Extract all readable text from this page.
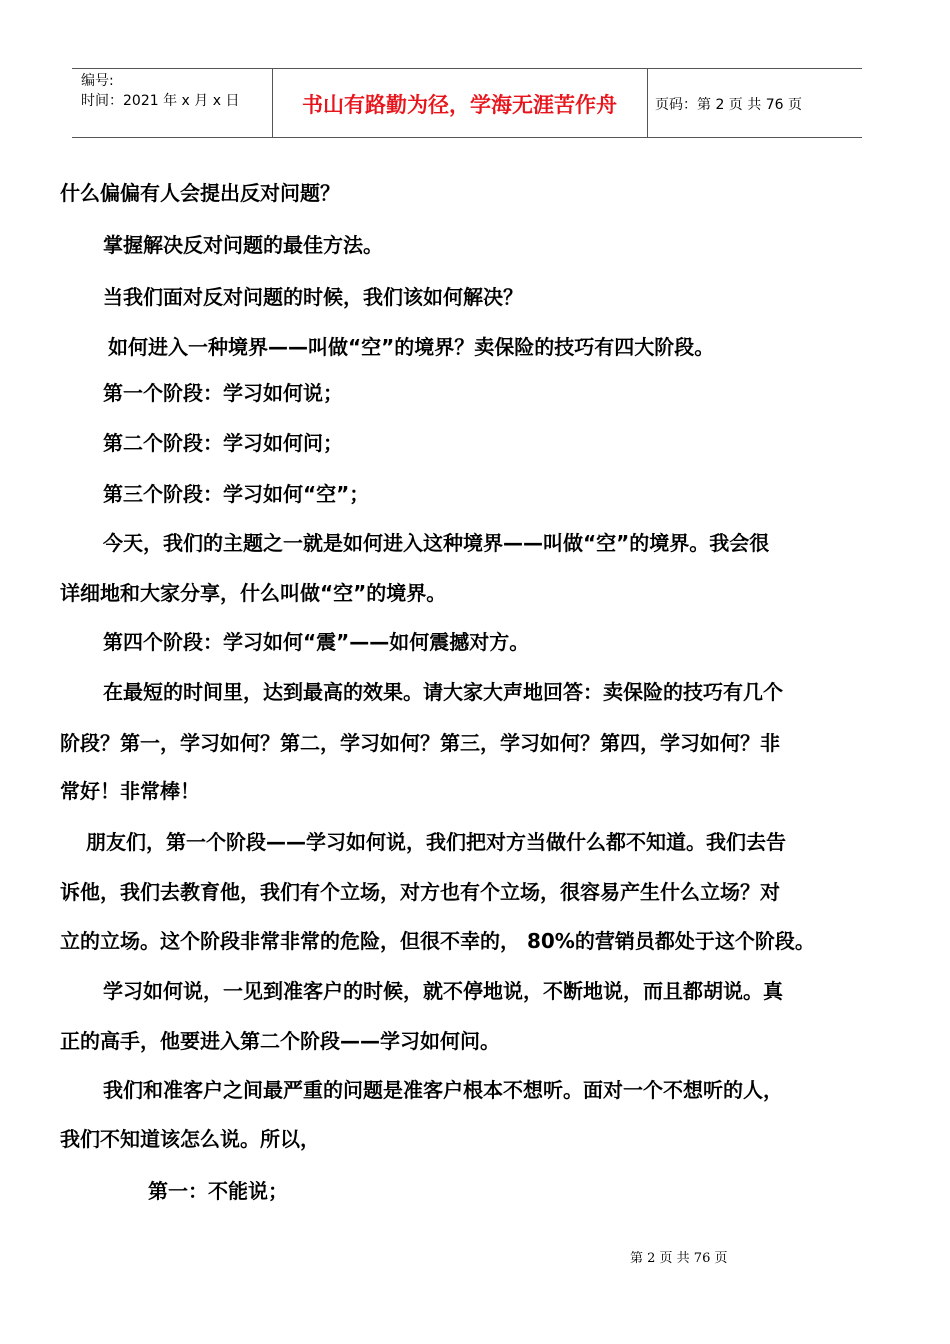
编号:
时间：2021 年 x 月 x 日	书山有路勤为径，学海无涯苦作舟	页码：第 2 页 共 76 页
什么偏偏有人会提出反对问题？
掌握解决反对问题的最佳方法。
当我们面对反对问题的时候，我们该如何解决？
如何进入一种境界——叫做“空”的境界？卖保险的技巧有四大阶段。
第一个阶段：学习如何说；
第二个阶段：学习如何问；
第三个阶段：学习如何“空”；
今天，我们的主题之一就是如何进入这种境界——叫做“空”的境界。我会很
详细地和大家分享，什么叫做“空”的境界。
第四个阶段：学习如何“震”——如何震撼对方。
在最短的时间里，达到最高的效果。请大家大声地回答：卖保险的技巧有几个
阶段？第一，学习如何？第二，学习如何？第三，学习如何？第四，学习如何？非
常好！非常棒！
朋友们，第一个阶段——学习如何说，我们把对方当做什么都不知道。我们去告
诉他，我们去教育他，我们有个立场，对方也有个立场，很容易产生什么立场？对
立的立场。这个阶段非常非常的危险，但很不幸的， 80%的营销员都处于这个阶段。
学习如何说，一见到准客户的时候，就不停地说，不断地说，而且都胡说。真
正的高手，他要进入第二个阶段——学习如何问。
我们和准客户之间最严重的问题是准客户根本不想听。面对一个不想听的人，
我们不知道该怎么说。所以，
第一：不能说；
第 2 页 共 76 页
